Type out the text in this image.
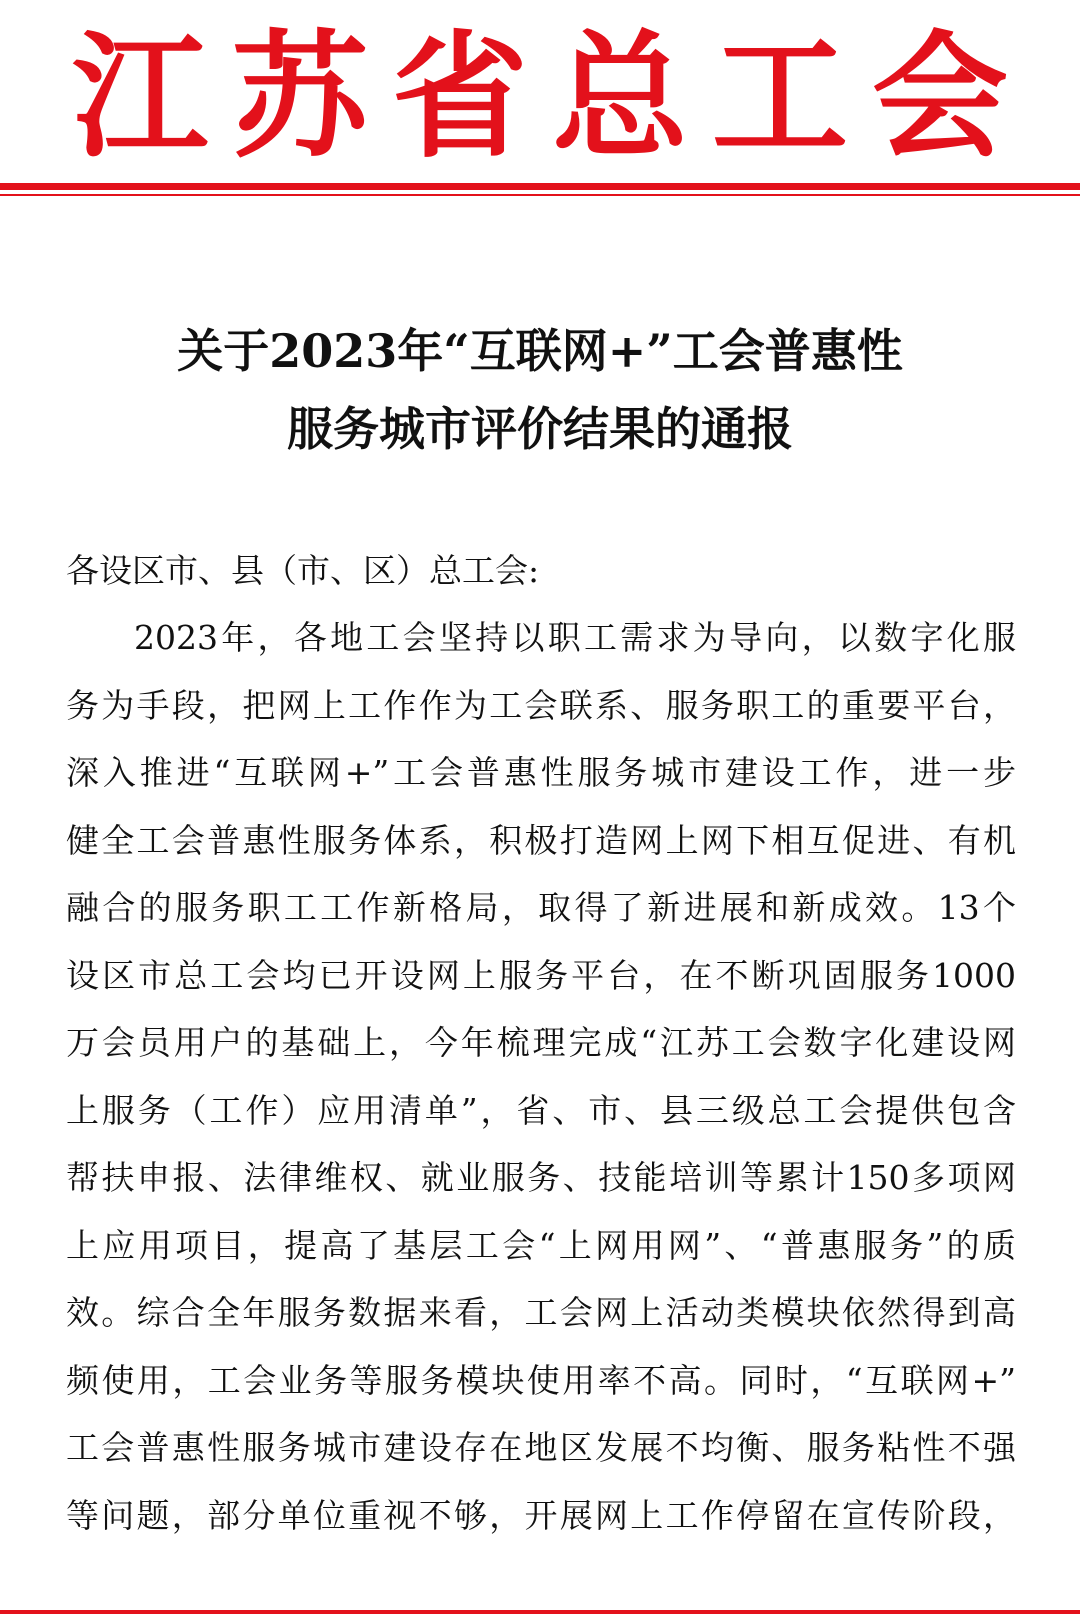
江 苏 省 总 工 会
关于2023年“互联网+”工会普惠性
服务城市评价结果的通报
各设区市、县（市、区）总工会:
2023年，各地工会坚持以职工需求为导向，以数字化服
务为手段，把网上工作作为工会联系、服务职工的重要平台，
深入推进“互联网+”工会普惠性服务城市建设工作，进一步
健全工会普惠性服务体系，积极打造网上网下相互促进、有机
融合的服务职工工作新格局，取得了新进展和新成效。13个
设区市总工会均已开设网上服务平台，在不断巩固服务1000
万会员用户的基础上，今年梳理完成“江苏工会数字化建设网
上服务（工作）应用清单”，省、市、县三级总工会提供包含
帮扶申报、法律维权、就业服务、技能培训等累计150多项网
上应用项目，提高了基层工会“上网用网”、“普惠服务”的质
效。综合全年服务数据来看，工会网上活动类模块依然得到高
频使用，工会业务等服务模块使用率不高。同时，“互联网+”
工会普惠性服务城市建设存在地区发展不均衡、服务粘性不强
等问题，部分单位重视不够，开展网上工作停留在宣传阶段，
